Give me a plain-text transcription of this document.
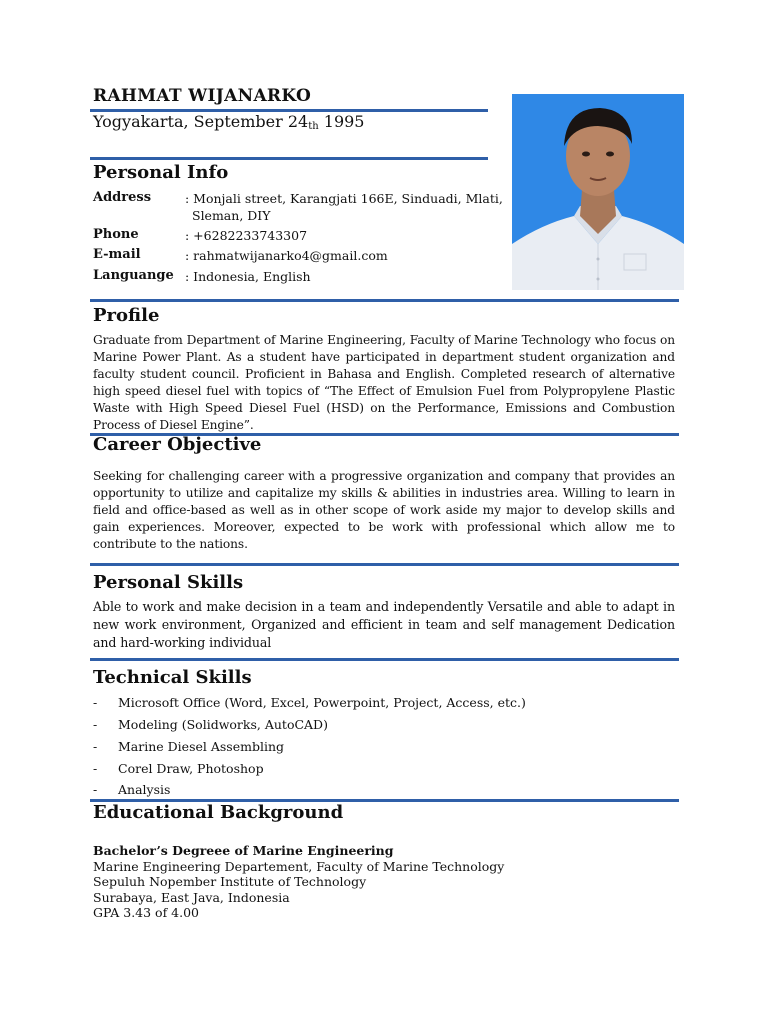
RAHMAT WIJANARKO
Yogyakarta, September 24th 1995
Personal Info
Address	: Monjali street, Karangjati 166E, Sinduadi, Mlati,
Sleman, DIY
Phone	: +6282233743307
E-mail	: rahmatwijanarko4@gmail.com
Languange : Indonesia, English
Profile
Graduate from Department of Marine Engineering, Faculty of Marine Technology who focus on Marine Power Plant. As a student have participated in department student organization and faculty student council. Proficient in Bahasa and English. Completed research of alternative high speed diesel fuel with topics of “The Effect of Emulsion Fuel from Polypropylene Plastic Waste with High Speed Diesel Fuel (HSD) on the Performance, Emissions and Combustion Process of Diesel Engine”.
Career Objective
Seeking for challenging career with a progressive organization and company that provides an opportunity to utilize and capitalize my skills & abilities in industries area. Willing to learn in field and office-based as well as in other scope of work aside my major to develop skills and gain experiences. Moreover, expected to be work with professional which allow me to contribute to the nations.
Personal Skills
Able to work and make decision in a team and independently Versatile and able to adapt in new work environment, Organized and efficient in team and self management Dedication and hard-working individual
Technical Skills
- Microsoft Office (Word, Excel, Powerpoint, Project, Access, etc.)
- Modeling (Solidworks, AutoCAD)
- Marine Diesel Assembling
- Corel Draw, Photoshop
- Analysis
Educational Background
Bachelor’s Degreee of Marine Engineering
Marine Engineering Departement, Faculty of Marine Technology
Sepuluh Nopember Institute of Technology
Surabaya, East Java, Indonesia
GPA 3.43 of 4.00
